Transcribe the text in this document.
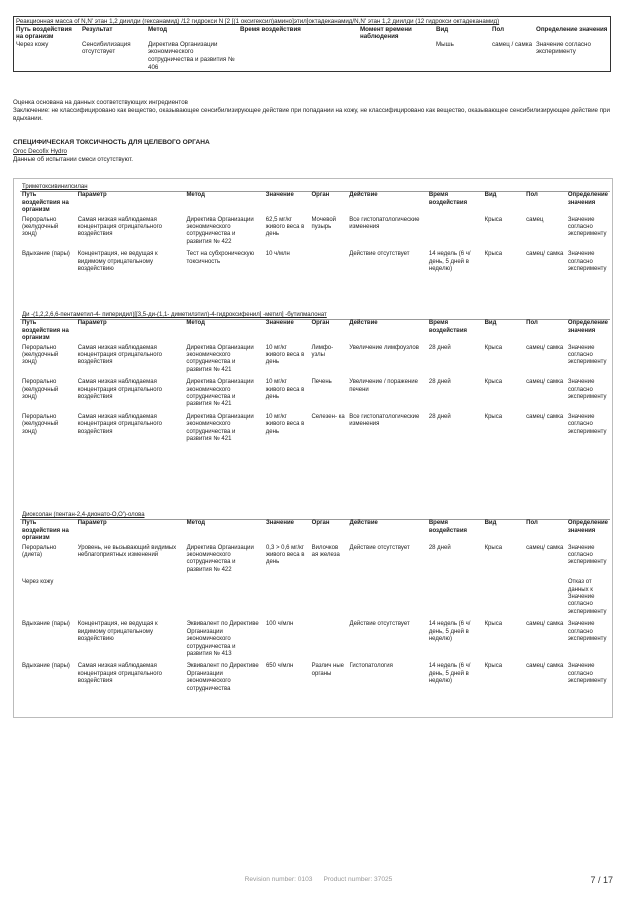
Реакционная масса of N,N' этан 1,2 диилди (гексанамид) /12 гидрокси N [2 [(1 оксигексил)амино]этил]октадеканамид/N,N' этан 1,2 диилди (12 гидрокси октадеканамид)							
Путь воздействия на организм	Результат	Метод	Время воздействия	Момент времени наблюдения	Вид	Пол	Определение значения
Через кожу	Сенсибилизация отсутствует	Директива Организации экономического сотрудничества и развития № 406			Мышь	самец / самка	Значение согласно эксперименту
Оценка основана на данных соответствующих ингредиентов
Заключение: не классифицировано как вещество, оказывающее сенсибилизирующее действие при попадании на кожу, не классифицировано как вещество, оказывающее сенсибилизирующее действие при вдыхании.
СПЕЦИФИЧЕСКАЯ ТОКСИЧНОСТЬ ДЛЯ ЦЕЛЕВОГО ОРГАНА
Oroc Decofix Hydro
Данные об испытании смеси отсутствуют.
Триметоксивинилсилан									
Путь воздействия на организм	Параметр	Метод	Значение	Орган	Действие	Время воздействия	Вид	Пол	Определение значения
Перорально (желудочный зонд)	Самая низкая наблюдаемая концентрация отрицательного воздействия	Директива Организации экономического сотрудничества и развития № 422	62,5 мг/кг живого веса в день	Мочевой пузырь	Все гистопатологические изменения		Крыса	самец	Значение согласно эксперименту
Вдыхание (пары)	Концентрация, не ведущая к видимому отрицательному воздействию	Тест на субхроническую токсичность	10 ч/млн		Действие отсутствует	14 недель (6 ч/день, 5 дней в неделю)	Крыса	самец/ самка	Значение согласно эксперименту
Ди -(1,2,2,6,6-пентаметил-4- пиперидил)[[3,5-ди-(1,1- диметилэтил)-4-гидроксифенил] -метил] -бутилмалонат									
Путь воздействия на организм	Параметр	Метод	Значение	Орган	Действие	Время воздействия	Вид	Пол	Определение значения
Перорально (желудочный зонд)	Самая низкая наблюдаемая концентрация отрицательного воздействия	Директива Организации экономического сотрудничества и развития № 421	10 мг/кг живого веса в день	Лимфо- узлы	Увеличение лимфоузлов	28 дней	Крыса	самец/ самка	Значение согласно эксперименту
Перорально (желудочный зонд)	Самая низкая наблюдаемая концентрация отрицательного воздействия	Директива Организации экономического сотрудничества и развития № 421	10 мг/кг живого веса в день	Печень	Увеличение / поражение печени	28 дней	Крыса	самец/ самка	Значение согласно эксперименту
Перорально (желудочный зонд)	Самая низкая наблюдаемая концентрация отрицательного воздействия	Директива Организации экономического сотрудничества и развития № 421	10 мг/кг живого веса в день	Селезен- ка	Все гистопатологические изменения	28 дней	Крыса	самец/ самка	Значение согласно эксперименту
Диоксолан (пентан-2,4-дионато-O,O')-олова									
Путь воздействия на организм	Параметр	Метод	Значение	Орган	Действие	Время воздействия	Вид	Пол	Определение значения
Перорально (диета)	Уровень, не вызывающий видимых неблагоприятных изменений	Директива Организации экономического сотрудничества и развития № 422	0,3 > 0,6 мг/кг живого веса в день	Вилочков ая железа	Действие отсутствует	28 дней	Крыса	самец/ самка	Значение согласно эксперименту
Через кожу									Отказ от данных к Значение согласно эксперименту
Вдыхание (пары)	Концентрация, не ведущая к видимому отрицательному воздействию	Эквивалент по Директиве Организации экономического сотрудничества и развития № 413	100 ч/млн		Действие отсутствует	14 недель (6 ч/день, 5 дней в неделю)	Крыса	самец/ самка	Значение согласно эксперименту
Вдыхание (пары)	Самая низкая наблюдаемая концентрация отрицательного воздействия	Эквивалент по Директиве Организации экономического сотрудничества	650 ч/млн	Различ ные органы	Гистопатология	14 недель (6 ч/день, 5 дней в неделю)	Крыса	самец/ самка	Значение согласно эксперименту
Revision number: 0103 Product number: 37025	7 / 17
